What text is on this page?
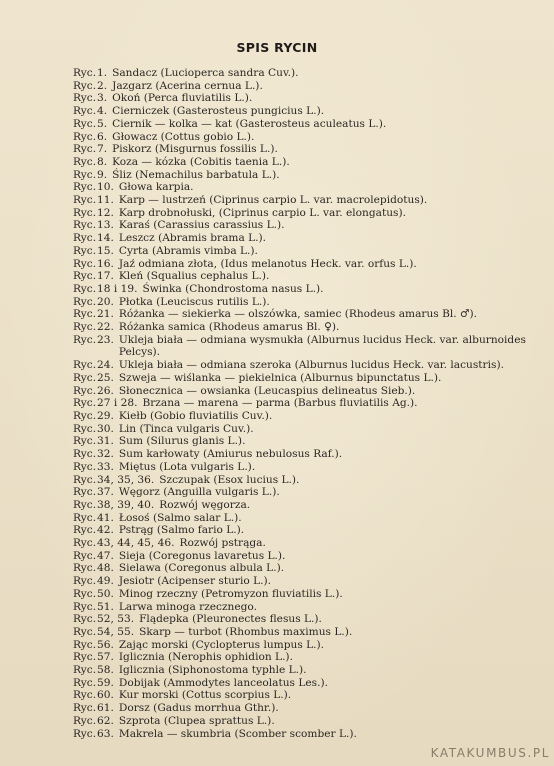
SPIS RYCIN
Ryc. 1. Sandacz (Lucioperca sandra Cuv.).
Ryc. 2. Jazgarz (Acerina cernua L.).
Ryc. 3. Okoń (Perca fluviatilis L.).
Ryc. 4. Cierniczek (Gasterosteus pungicius L.).
Ryc. 5. Ciernik — kolka — kat (Gasterosteus aculeatus L.).
Ryc. 6. Głowacz (Cottus gobio L.).
Ryc. 7. Piskorz (Misgurnus fossilis L.).
Ryc. 8. Koza — kózka (Cobitis taenia L.).
Ryc. 9. Śliz (Nemachilus barbatula L.).
Ryc. 10. Głowa karpia.
Ryc. 11. Karp — lustrzeń (Ciprinus carpio L. var. macrolepidotus).
Ryc. 12. Karp drobnołuski, (Ciprinus carpio L. var. elongatus).
Ryc. 13. Karaś (Carassius carassius L.).
Ryc. 14. Leszcz (Abramis brama L.).
Ryc. 15. Cyrta (Abramis vimba L.).
Ryc. 16. Jaź odmiana złota, (Idus melanotus Heck. var. orfus L.).
Ryc. 17. Kleń (Squalius cephalus L.).
Ryc. 18 i 19. Świnka (Chondrostoma nasus L.).
Ryc. 20. Płotka (Leuciscus rutilis L.).
Ryc. 21. Różanka — siekierka — olszówka, samiec (Rhodeus amarus Bl. ♂).
Ryc. 22. Różanka samica (Rhodeus amarus Bl. ♀).
Ryc. 23. Ukleja biała — odmiana wysmukła (Alburnus lucidus Heck. var. alburnoides Pelcys).
Ryc. 24. Ukleja biała — odmiana szeroka (Alburnus lucidus Heck. var. lacustris).
Ryc. 25. Szweja — wiślanka — piekielnica (Alburnus bipunctatus L.).
Ryc. 26. Słonecznica — owsianka (Leucaspius delineatus Sieb.).
Ryc. 27 i 28. Brzana — marena — parma (Barbus fluviatilis Ag.).
Ryc. 29. Kiełb (Gobio fluviatilis Cuv.).
Ryc. 30. Lin (Tinca vulgaris Cuv.).
Ryc. 31. Sum (Silurus glanis L.).
Ryc. 32. Sum karłowaty (Amiurus nebulosus Raf.).
Ryc. 33. Miętus (Lota vulgaris L.).
Ryc. 34, 35, 36. Szczupak (Esox lucius L.).
Ryc. 37. Węgorz (Anguilla vulgaris L.).
Ryc. 38, 39, 40. Rozwój węgorza.
Ryc. 41. Łosoś (Salmo salar L.).
Ryc. 42. Pstrąg (Salmo fario L.).
Ryc. 43, 44, 45, 46. Rozwój pstrąga.
Ryc. 47. Sieja (Coregonus lavaretus L.).
Ryc. 48. Sielawa (Coregonus albula L.).
Ryc. 49. Jesiotr (Acipenser sturio L.).
Ryc. 50. Minog rzeczny (Petromyzon fluviatilis L.).
Ryc. 51. Larwa minoga rzecznego.
Ryc. 52, 53. Flądерka (Pleuronectes flesus L.).
Ryc. 54, 55. Skarp — turbot (Rhombus maximus L.).
Ryc. 56. Zając morski (Cyclopterus lumpus L.).
Ryc. 57. Iglicznia (Nerophis ophidion L.).
Ryc. 58. Iglicznia (Siphonostoma typhle L.).
Ryc. 59. Dobijak (Ammodytes lanceolatus Les.).
Ryc. 60. Kur morski (Cottus scorpius L.).
Ryc. 61. Dorsz (Gadus morrhua Gthr.).
Ryc. 62. Szprota (Clupea sprattus L.).
Ryc. 63. Makrela — skumbria (Scomber scomber L.).
KATAKUMBUS.PL
